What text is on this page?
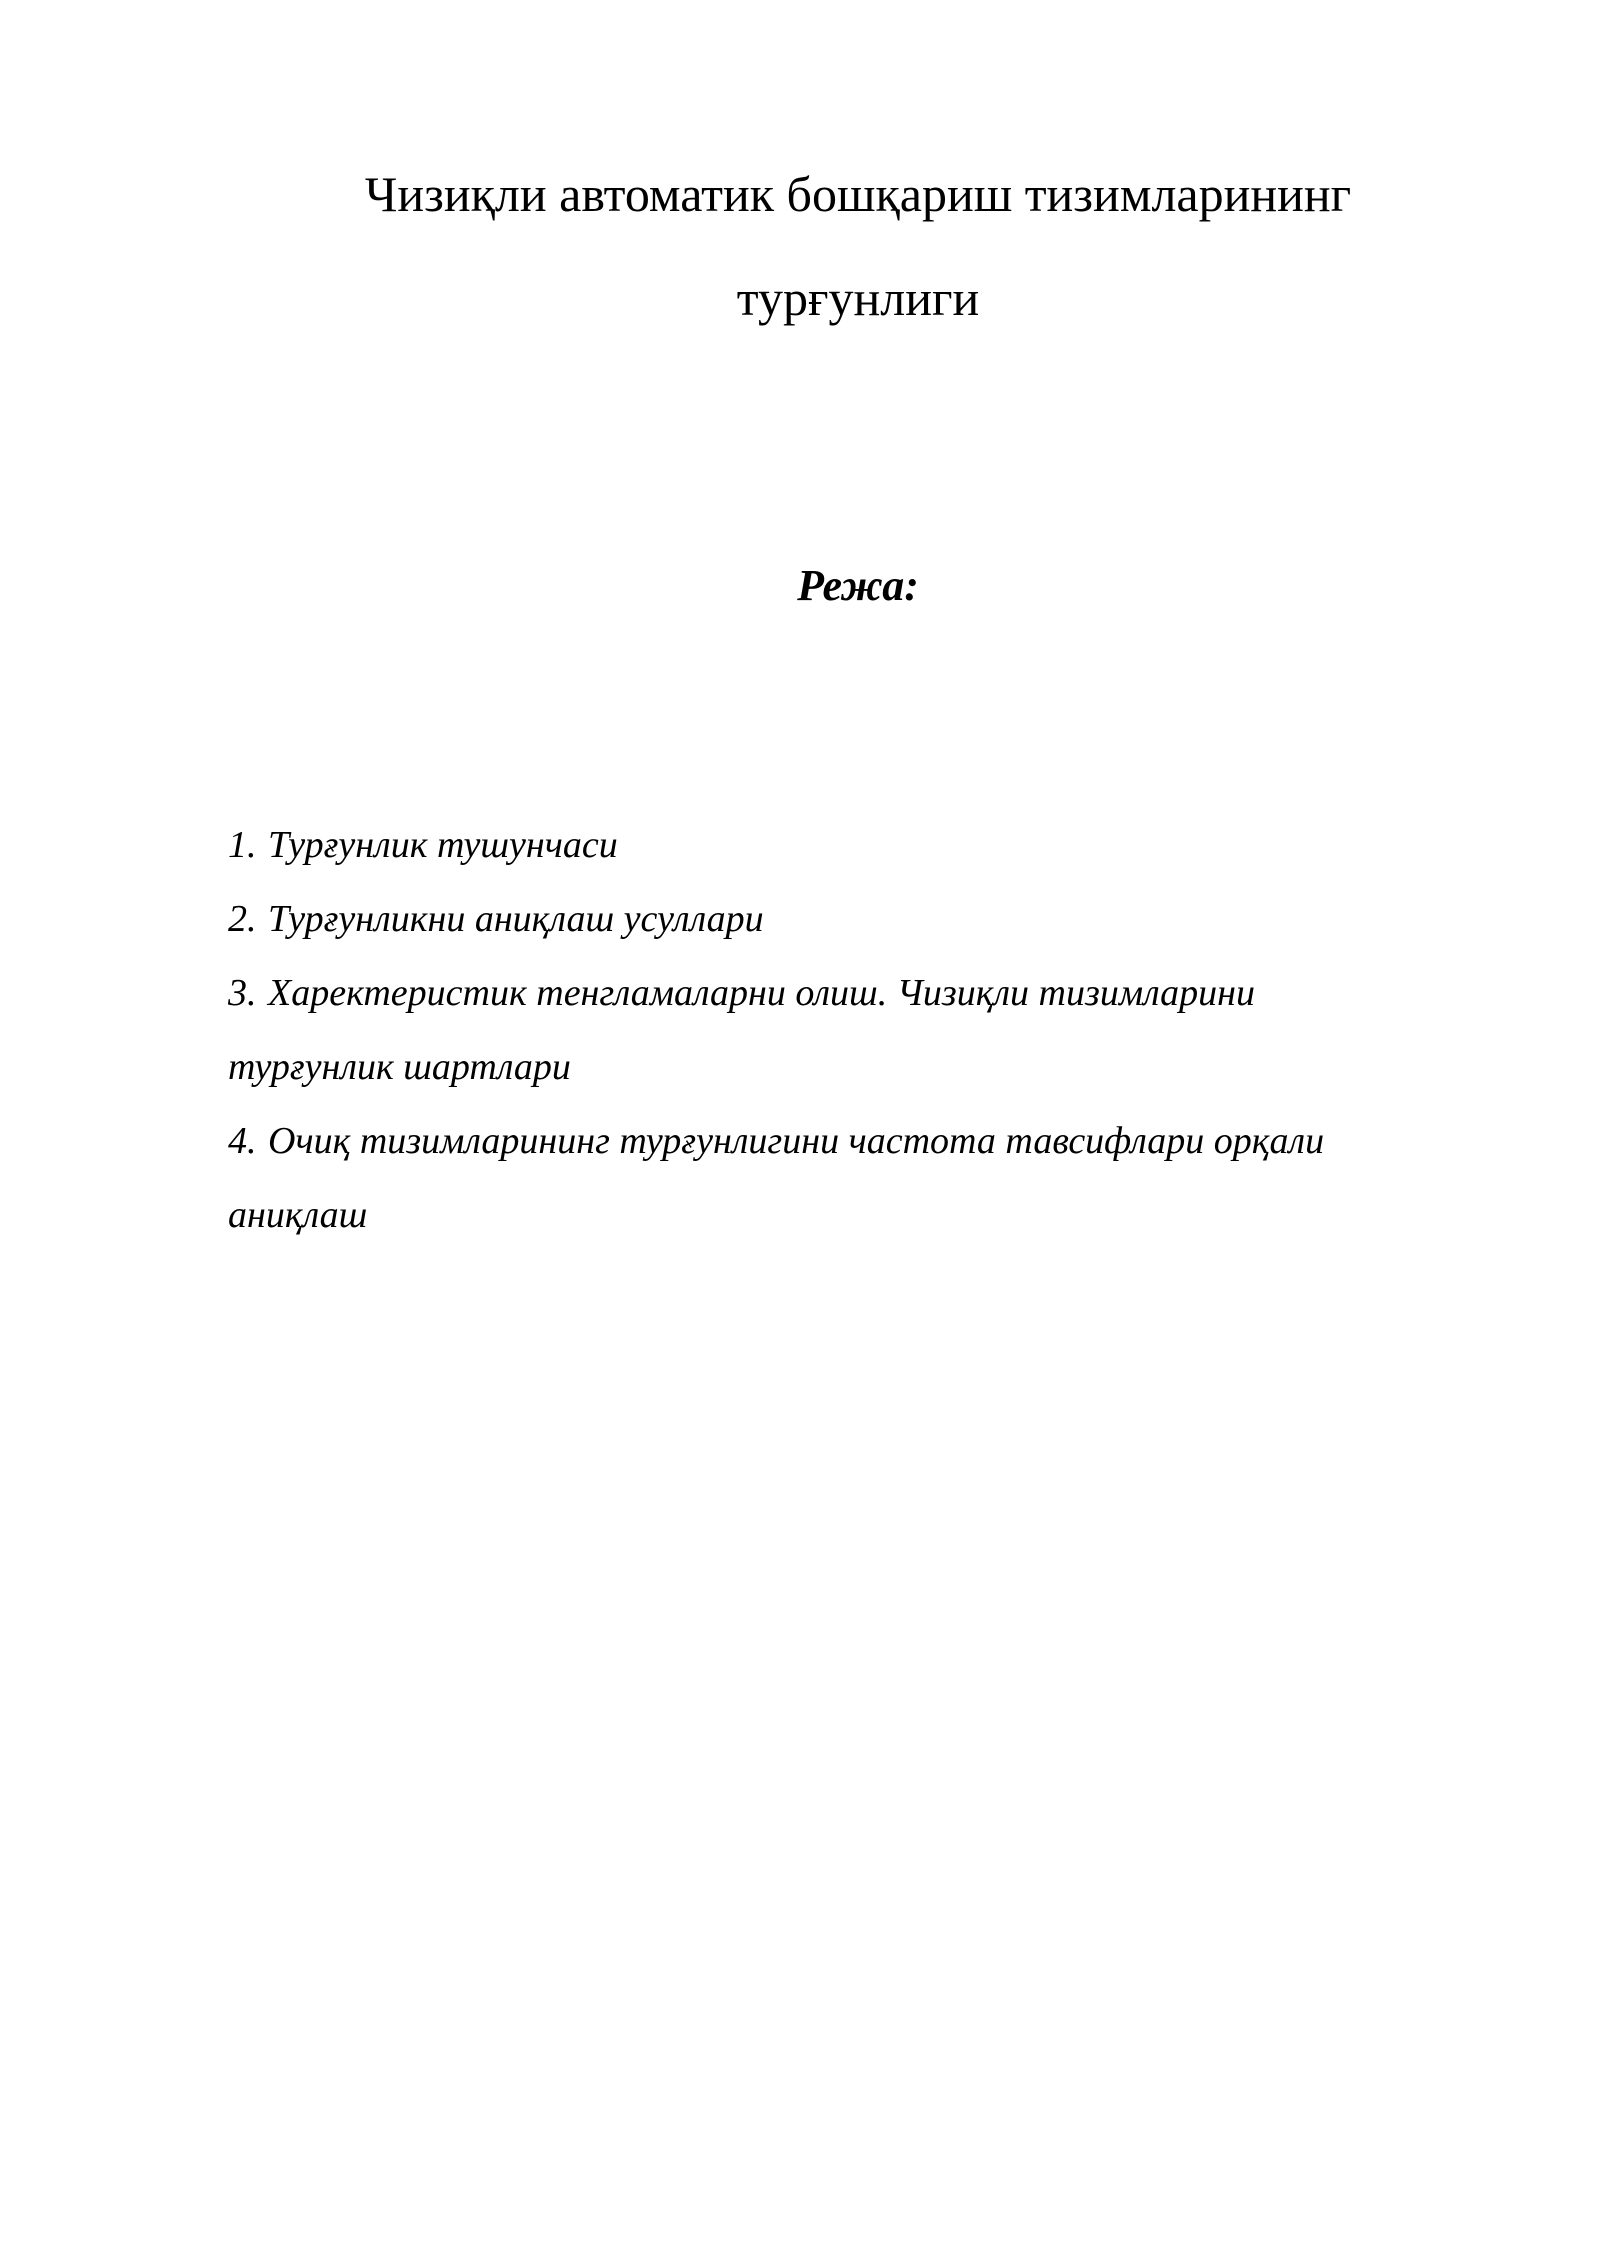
Чизиқли автоматик бошқариш тизимларининг
турғунлиги
Режа:
1. Турғунлик тушунчаси
2. Турғунликни аниқлаш усуллари
3. Харектеристик тенгламаларни олиш. Чизиқли тизимларини
турғунлик шартлари
4. Очиқ тизимларининг турғунлигини частота тавсифлари орқали
аниқлаш
